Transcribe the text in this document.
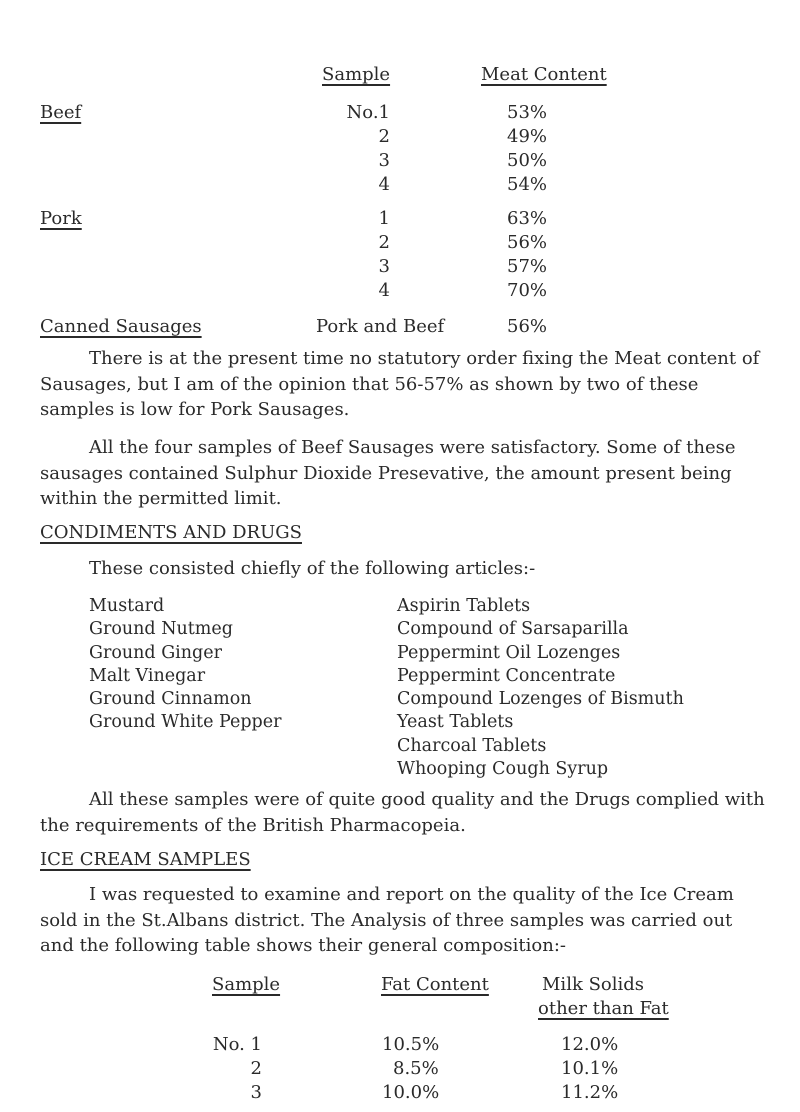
Sample	Meat Content
Beef	No.1	53%
2	49%
3	50%
4	54%
Pork	1	63%
2	56%
3	57%
4	70%
Canned Sausages	Pork and Beef	56%
There is at the present time no statutory order fixing the Meat content of Sausages, but I am of the opinion that 56-57% as shown by two of these samples is low for Pork Sausages.
All the four samples of Beef Sausages were satisfactory. Some of these sausages contained Sulphur Dioxide Presevative, the amount present being within the permitted limit.
CONDIMENTS AND DRUGS
These consisted chiefly of the following articles:-
Mustard
Ground Nutmeg
Ground Ginger
Malt Vinegar
Ground Cinnamon
Ground White Pepper
Aspirin Tablets
Compound of Sarsaparilla
Peppermint Oil Lozenges
Peppermint Concentrate
Compound Lozenges of Bismuth
Yeast Tablets
Charcoal Tablets
Whooping Cough Syrup
All these samples were of quite good quality and the Drugs complied with the requirements of the British Pharmacopeia.
ICE CREAM SAMPLES
I was requested to examine and report on the quality of the Ice Cream sold in the St.Albans district. The Analysis of three samples was carried out and the following table shows their general composition:-
Sample	Fat Content	Milk Solids
other than Fat
No. 1	10.5%	12.0%
2	8.5%	10.1%
3	10.0%	11.2%
